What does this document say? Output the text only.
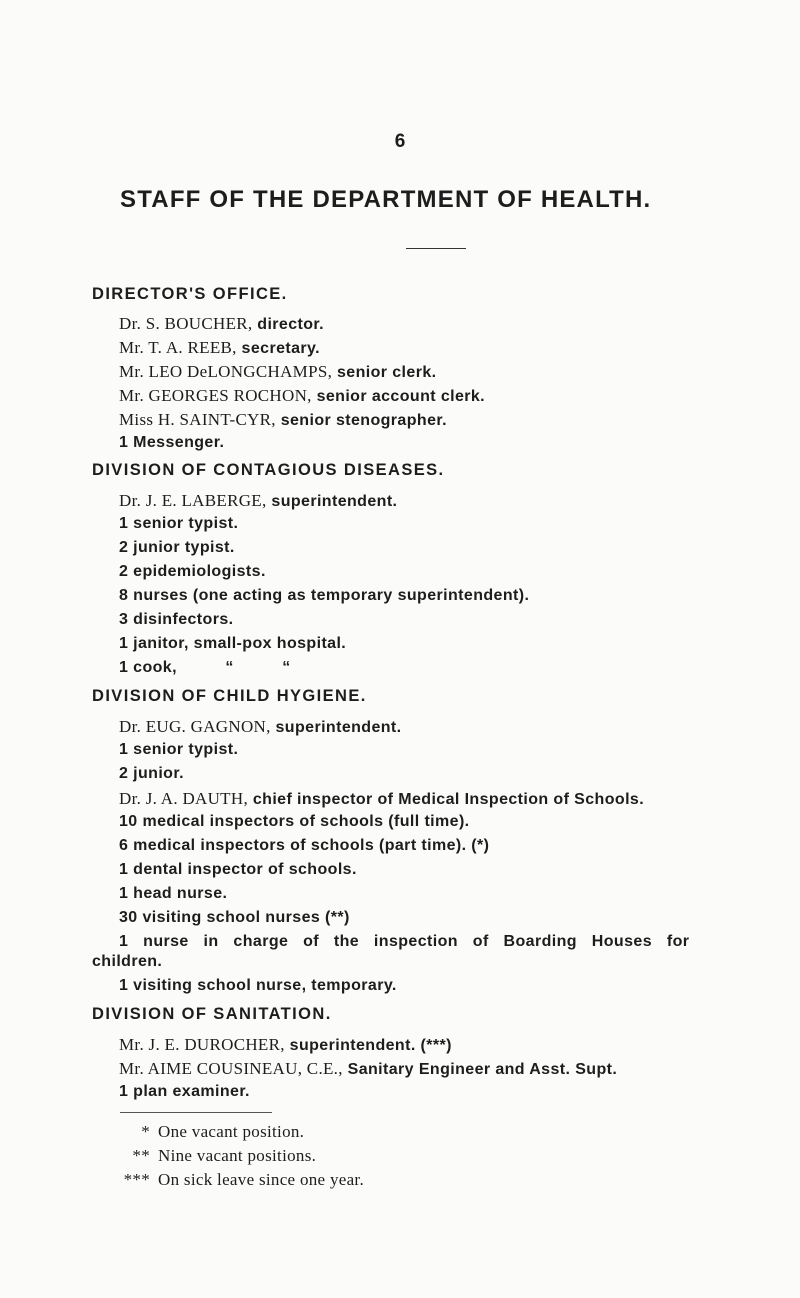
6
STAFF OF THE DEPARTMENT OF HEALTH.
DIRECTOR'S OFFICE.
Dr. S. BOUCHER, director.
Mr. T. A. REEB, secretary.
Mr. LEO DeLONGCHAMPS, senior clerk.
Mr. GEORGES ROCHON, senior account clerk.
Miss H. SAINT-CYR, senior stenographer.
1 Messenger.
DIVISION OF CONTAGIOUS DISEASES.
Dr. J. E. LABERGE, superintendent.
1 senior typist.
2 junior typist.
2 epidemiologists.
8 nurses (one acting as temporary superintendent).
3 disinfectors.
1 janitor, small-pox hospital.
1 cook,          “          “
DIVISION OF CHILD HYGIENE.
Dr. EUG. GAGNON, superintendent.
1 senior typist.
2 junior.
Dr. J. A. DAUTH, chief inspector of Medical Inspection of Schools.
10 medical inspectors of schools (full time).
6 medical inspectors of schools (part time). (*)
1 dental inspector of schools.
1 head nurse.
30 visiting school nurses (**)
1 nurse in charge of the inspection of Boarding Houses for
children.
1 visiting school nurse, temporary.
DIVISION OF SANITATION.
Mr. J. E. DUROCHER, superintendent. (***)
Mr. AIME COUSINEAU, C.E., Sanitary Engineer and Asst. Supt.
1 plan examiner.
* One vacant position.
** Nine vacant positions.
*** On sick leave since one year.
